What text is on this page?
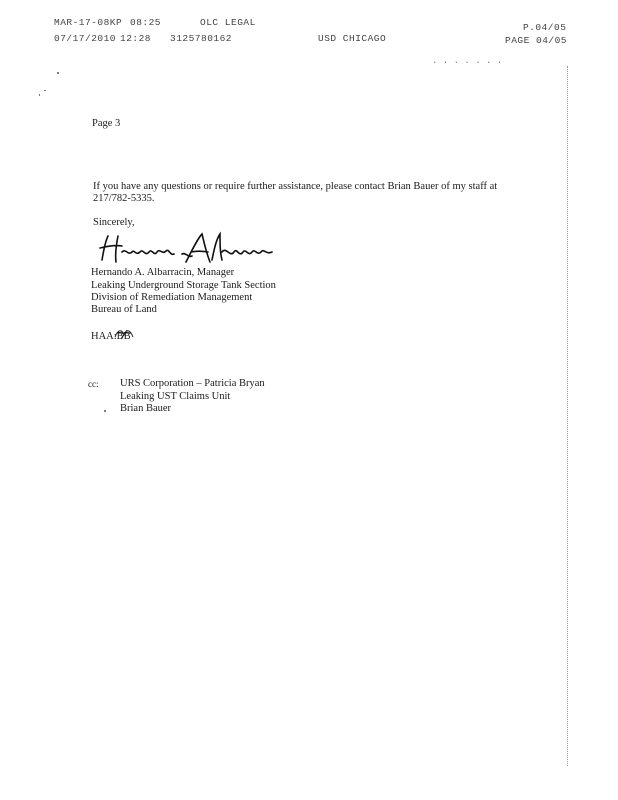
MAR-17-08KP 08:25	OLC LEGAL	P.04/05
07/17/2010 12:28 3125780162	USD CHICAGO	PAGE 04/05
· · · · · · ·
Page 3
If you have any questions or require further assistance, please contact Brian Bauer of my staff at
217/782-5335.
Sincerely,
Hernando A. Albarracin, Manager
Leaking Underground Storage Tank Section
Division of Remediation Management
Bureau of Land
HAA:BB
cc: URS Corporation – Patricia Bryan
Leaking UST Claims Unit
Brian Bauer
